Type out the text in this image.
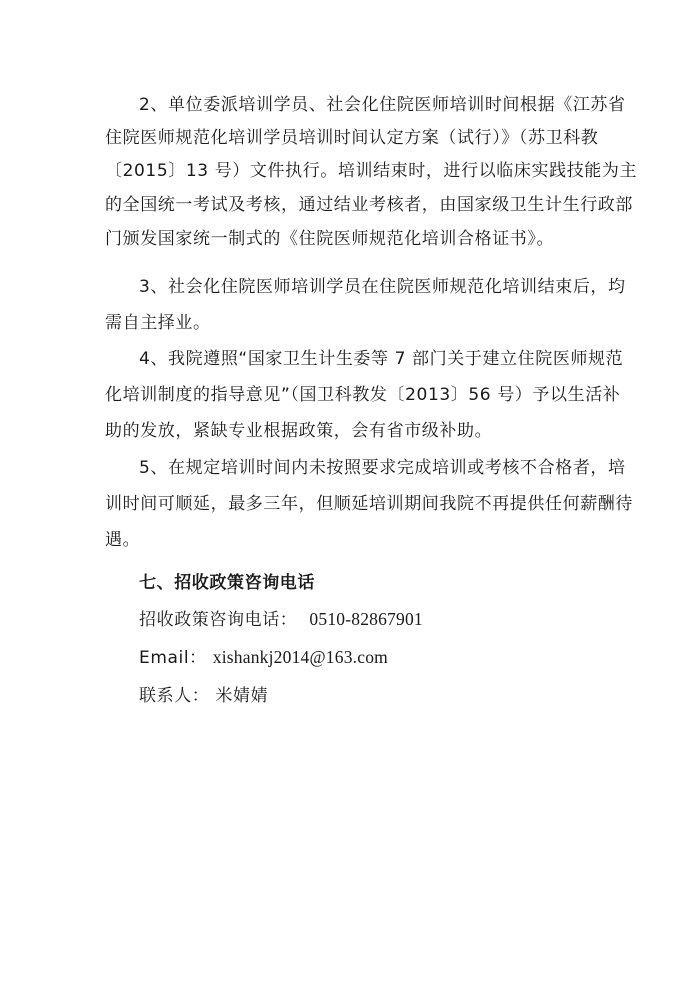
2、单位委派培训学员、社会化住院医师培训时间根据《江苏省
住院医师规范化培训学员培训时间认定方案（试行）》（苏卫科教
〔2015〕13 号）文件执行。培训结束时，进行以临床实践技能为主
的全国统一考试及考核，通过结业考核者，由国家级卫生计生行政部
门颁发国家统一制式的《住院医师规范化培训合格证书》。
3、社会化住院医师培训学员在住院医师规范化培训结束后，均
需自主择业。
4、我院遵照“国家卫生计生委等 7 部门关于建立住院医师规范
化培训制度的指导意见”（国卫科教发〔2013〕56 号）予以生活补
助的发放，紧缺专业根据政策，会有省市级补助。
5、在规定培训时间内未按照要求完成培训或考核不合格者，培
训时间可顺延，最多三年，但顺延培训期间我院不再提供任何薪酬待
遇。
七、招收政策咨询电话
招收政策咨询电话： 0510-82867901
Email： xishankj2014@163.com
联系人： 米婧婧
